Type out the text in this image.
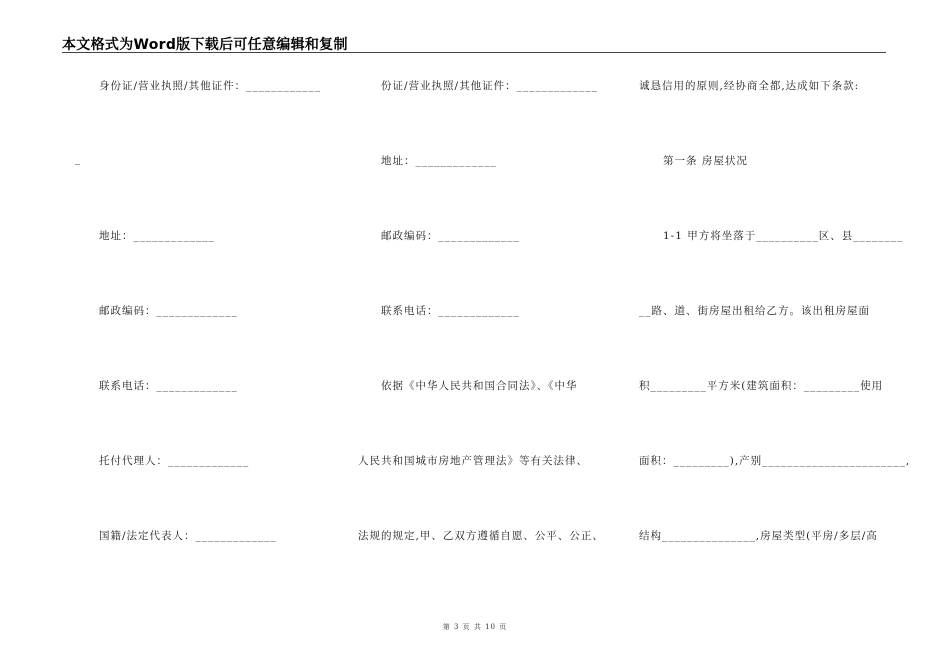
本文格式为Word版下载后可任意编辑和复制
_
身份证/营业执照/其他证件：____________
地址：_____________
邮政编码：_____________
联系电话：_____________
托付代理人：_____________
国籍/法定代表人：_____________
份证/营业执照/其他证件：_____________
地址：_____________
邮政编码：_____________
联系电话：_____________
依据《中华人民共和国合同法》、《中华
人民共和国城市房地产管理法》等有关法律、
法规的规定,甲、乙双方遵循自愿、公平、公正、
诚恳信用的原则,经协商全都,达成如下条款:
第一条 房屋状况
1-1 甲方将坐落于__________区、县________
__路、道、街房屋出租给乙方。该出租房屋面
积_________平方米(建筑面积：_________使用
面积：_________),产别_______________________,
结构_______________,房屋类型(平房/多层/高
第 3 页 共 10 页
